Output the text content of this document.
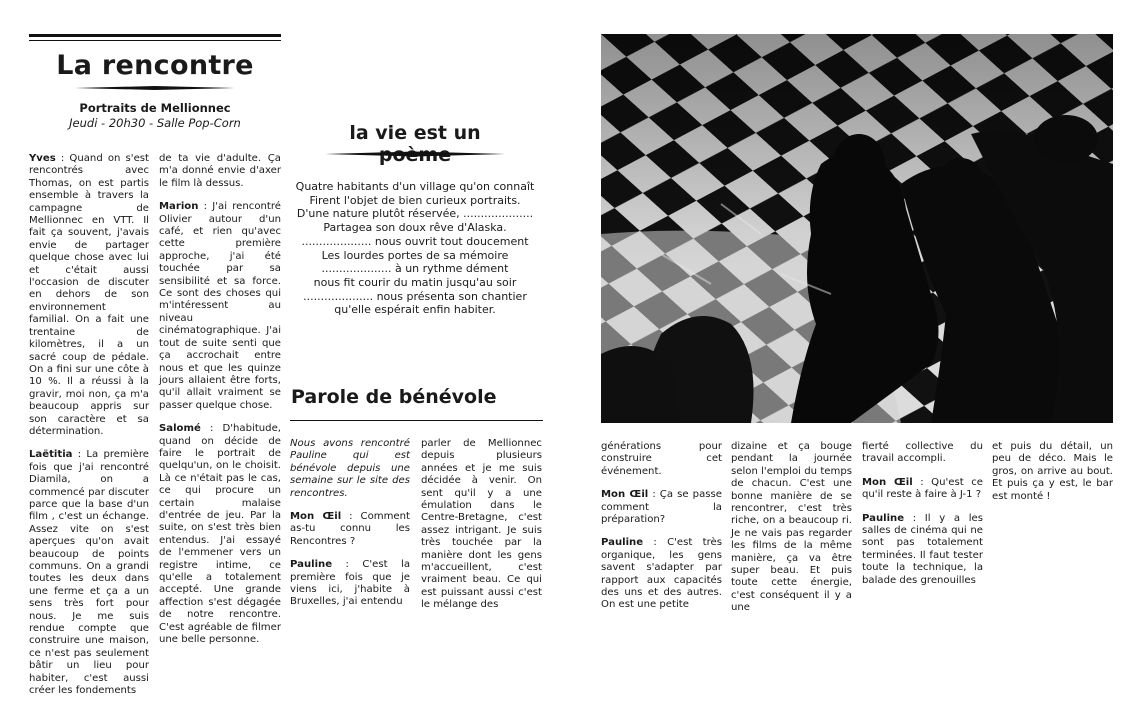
La rencontre
Portraits de Mellionnec
Jeudi - 20h30 - Salle Pop-Corn

Yves : Quand on s'est rencontrés avec Thomas, on est partis ensemble à travers la campagne de Mellionnec en VTT. Il fait ça souvent, j'avais envie de partager quelque chose avec lui et c'était aussi l'occasion de discuter en dehors de son environnement familial. On a fait une trentaine de kilomètres, il a un sacré coup de pédale. On a fini sur une côte à 10 %. Il a réussi à la gravir, moi non, ça m'a beaucoup appris sur son caractère et sa détermination.

Laëtitia : La première fois que j'ai rencontré Diamila, on a commencé par discuter parce que la base d'un film , c'est un échange. Assez vite on s'est aperçues qu'on avait beaucoup de points communs. On a grandi toutes les deux dans une ferme et ça a un sens très fort pour nous. Je me suis rendue compte que construire une maison, ce n'est pas seulement bâtir un lieu pour habiter, c'est aussi créer les fondements

de ta vie d'adulte. Ça m'a donné envie d'axer le film là dessus.

Marion : J'ai rencontré Olivier autour d'un café, et rien qu'avec cette première approche, j'ai été touchée par sa sensibilité et sa force. Ce sont des choses qui m'intéressent au niveau cinématographique. J'ai tout de suite senti que ça accrochait entre nous et que les quinze jours allaient être forts, qu'il allait vraiment se passer quelque chose.

Salomé : D'habitude, quand on décide de faire le portrait de quelqu'un, on le choisit. Là ce n'était pas le cas, ce qui procure un certain malaise d'entrée de jeu. Par la suite, on s'est très bien entendus. J'ai essayé de l'emmener vers un registre intime, ce qu'elle a totalement accepté. Une grande affection s'est dégagée de notre rencontre. C'est agréable de filmer une belle personne.

la vie est un
Quatre habitants d'un village qu'on connaît
Firent l'objet de bien curieux portraits.
D'une nature plutôt réservée, ....................
Partagea son doux rêve d'Alaska.
.................... nous ouvrit tout doucement
Les lourdes portes de sa mémoire
.................... à un rythme dément
nous fit courir du matin jusqu'au soir
.................... nous présenta son chantier
qu'elle espérait enfin habiter.
Parole de bénévole

Nous avons rencontré Pauline qui est bénévole depuis une semaine sur le site des rencontres.

Mon Œil : Comment as-tu connu les Rencontres ?

Pauline : C'est la première fois que je viens ici, j'habite à Bruxelles, j'ai entendu

parler de Mellionnec depuis plusieurs années et je me suis décidée à venir. On sent qu'il y a une émulation dans le Centre-Bretagne, c'est assez intrigant. Je suis très touchée par la manière dont les gens m'accueillent, c'est vraiment beau. Ce qui est puissant aussi c'est le mélange des

générations pour construire cet événement.

Mon Œil : Ça se passe comment la préparation?

Pauline : C'est très organique, les gens savent s'adapter par rapport aux capacités des uns et des autres. On est une petite

dizaine et ça bouge pendant la journée selon l'emploi du temps de chacun. C'est une bonne manière de se rencontrer, c'est très riche, on a beaucoup ri. Je ne vais pas regarder les films de la même manière, ça va être super beau. Et puis toute cette énergie, c'est conséquent il y a une

fierté collective du travail accompli.

Mon Œil : Qu'est ce qu'il reste à faire à J-1 ?

Pauline : Il y a les salles de cinéma qui ne sont pas totalement terminées. Il faut tester toute la technique, la balade des grenouilles

et puis du détail, un peu de déco. Mais le gros, on arrive au bout. Et puis ça y est, le bar est monté !
